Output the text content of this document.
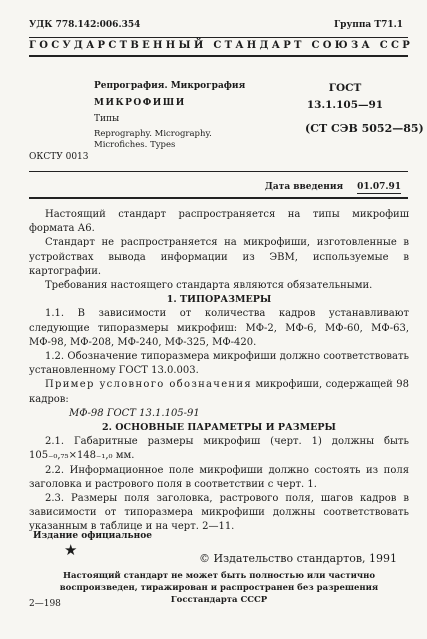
УДК 778.142:006.354	Группа Т71.1
ГОСУДАРСТВЕННЫЙ СТАНДАРТ СОЮЗА ССР
Репрография. Микрография
МИКРОФИШИ
Типы
Reprography. Micrography.
Microfiches. Types
ГОСТ
13.1.105—91
(СТ СЭВ 5052—85)
ОКСТУ 0013
Дата введения 01.07.91

Настоящий стандарт распространяется на типы микрофиш формата А6.

Стандарт не распространяется на микрофиши, изготовленные в устройствах вывода информации из ЭВМ, используемые в картографии.

Требования настоящего стандарта являются обязательными.

1. ТИПОРАЗМЕРЫ

1.1. В зависимости от количества кадров устанавливают следующие типоразмеры микрофиш: МФ-2, МФ-6, МФ-60, МФ-63, МФ-98, МФ-208, МФ-240, МФ-325, МФ-420.

1.2. Обозначение типоразмера микрофиши должно соответствовать установленному ГОСТ 13.0.003.

Пример условного обозначения микрофиши, содержащей 98 кадров:

МФ-98 ГОСТ 13.1.105-91

2. ОСНОВНЫЕ ПАРАМЕТРЫ И РАЗМЕРЫ

2.1. Габаритные размеры микрофиш (черт. 1) должны быть 105₋₀,₇₅×148₋₁,₀ мм.

2.2. Информационное поле микрофиши должно состоять из поля заголовка и растрового поля в соответствии с черт. 1.

2.3. Размеры поля заголовка, растрового поля, шагов кадров в зависимости от типоразмера микрофиши должны соответствовать указанным в таблице и на черт. 2—11.

Издание официальное
★	© Издательство стандартов, 1991
Настоящий стандарт не может быть полностью или частично воспроизведен, тиражирован и распространен без разрешения Госстандарта СССР
2—198
